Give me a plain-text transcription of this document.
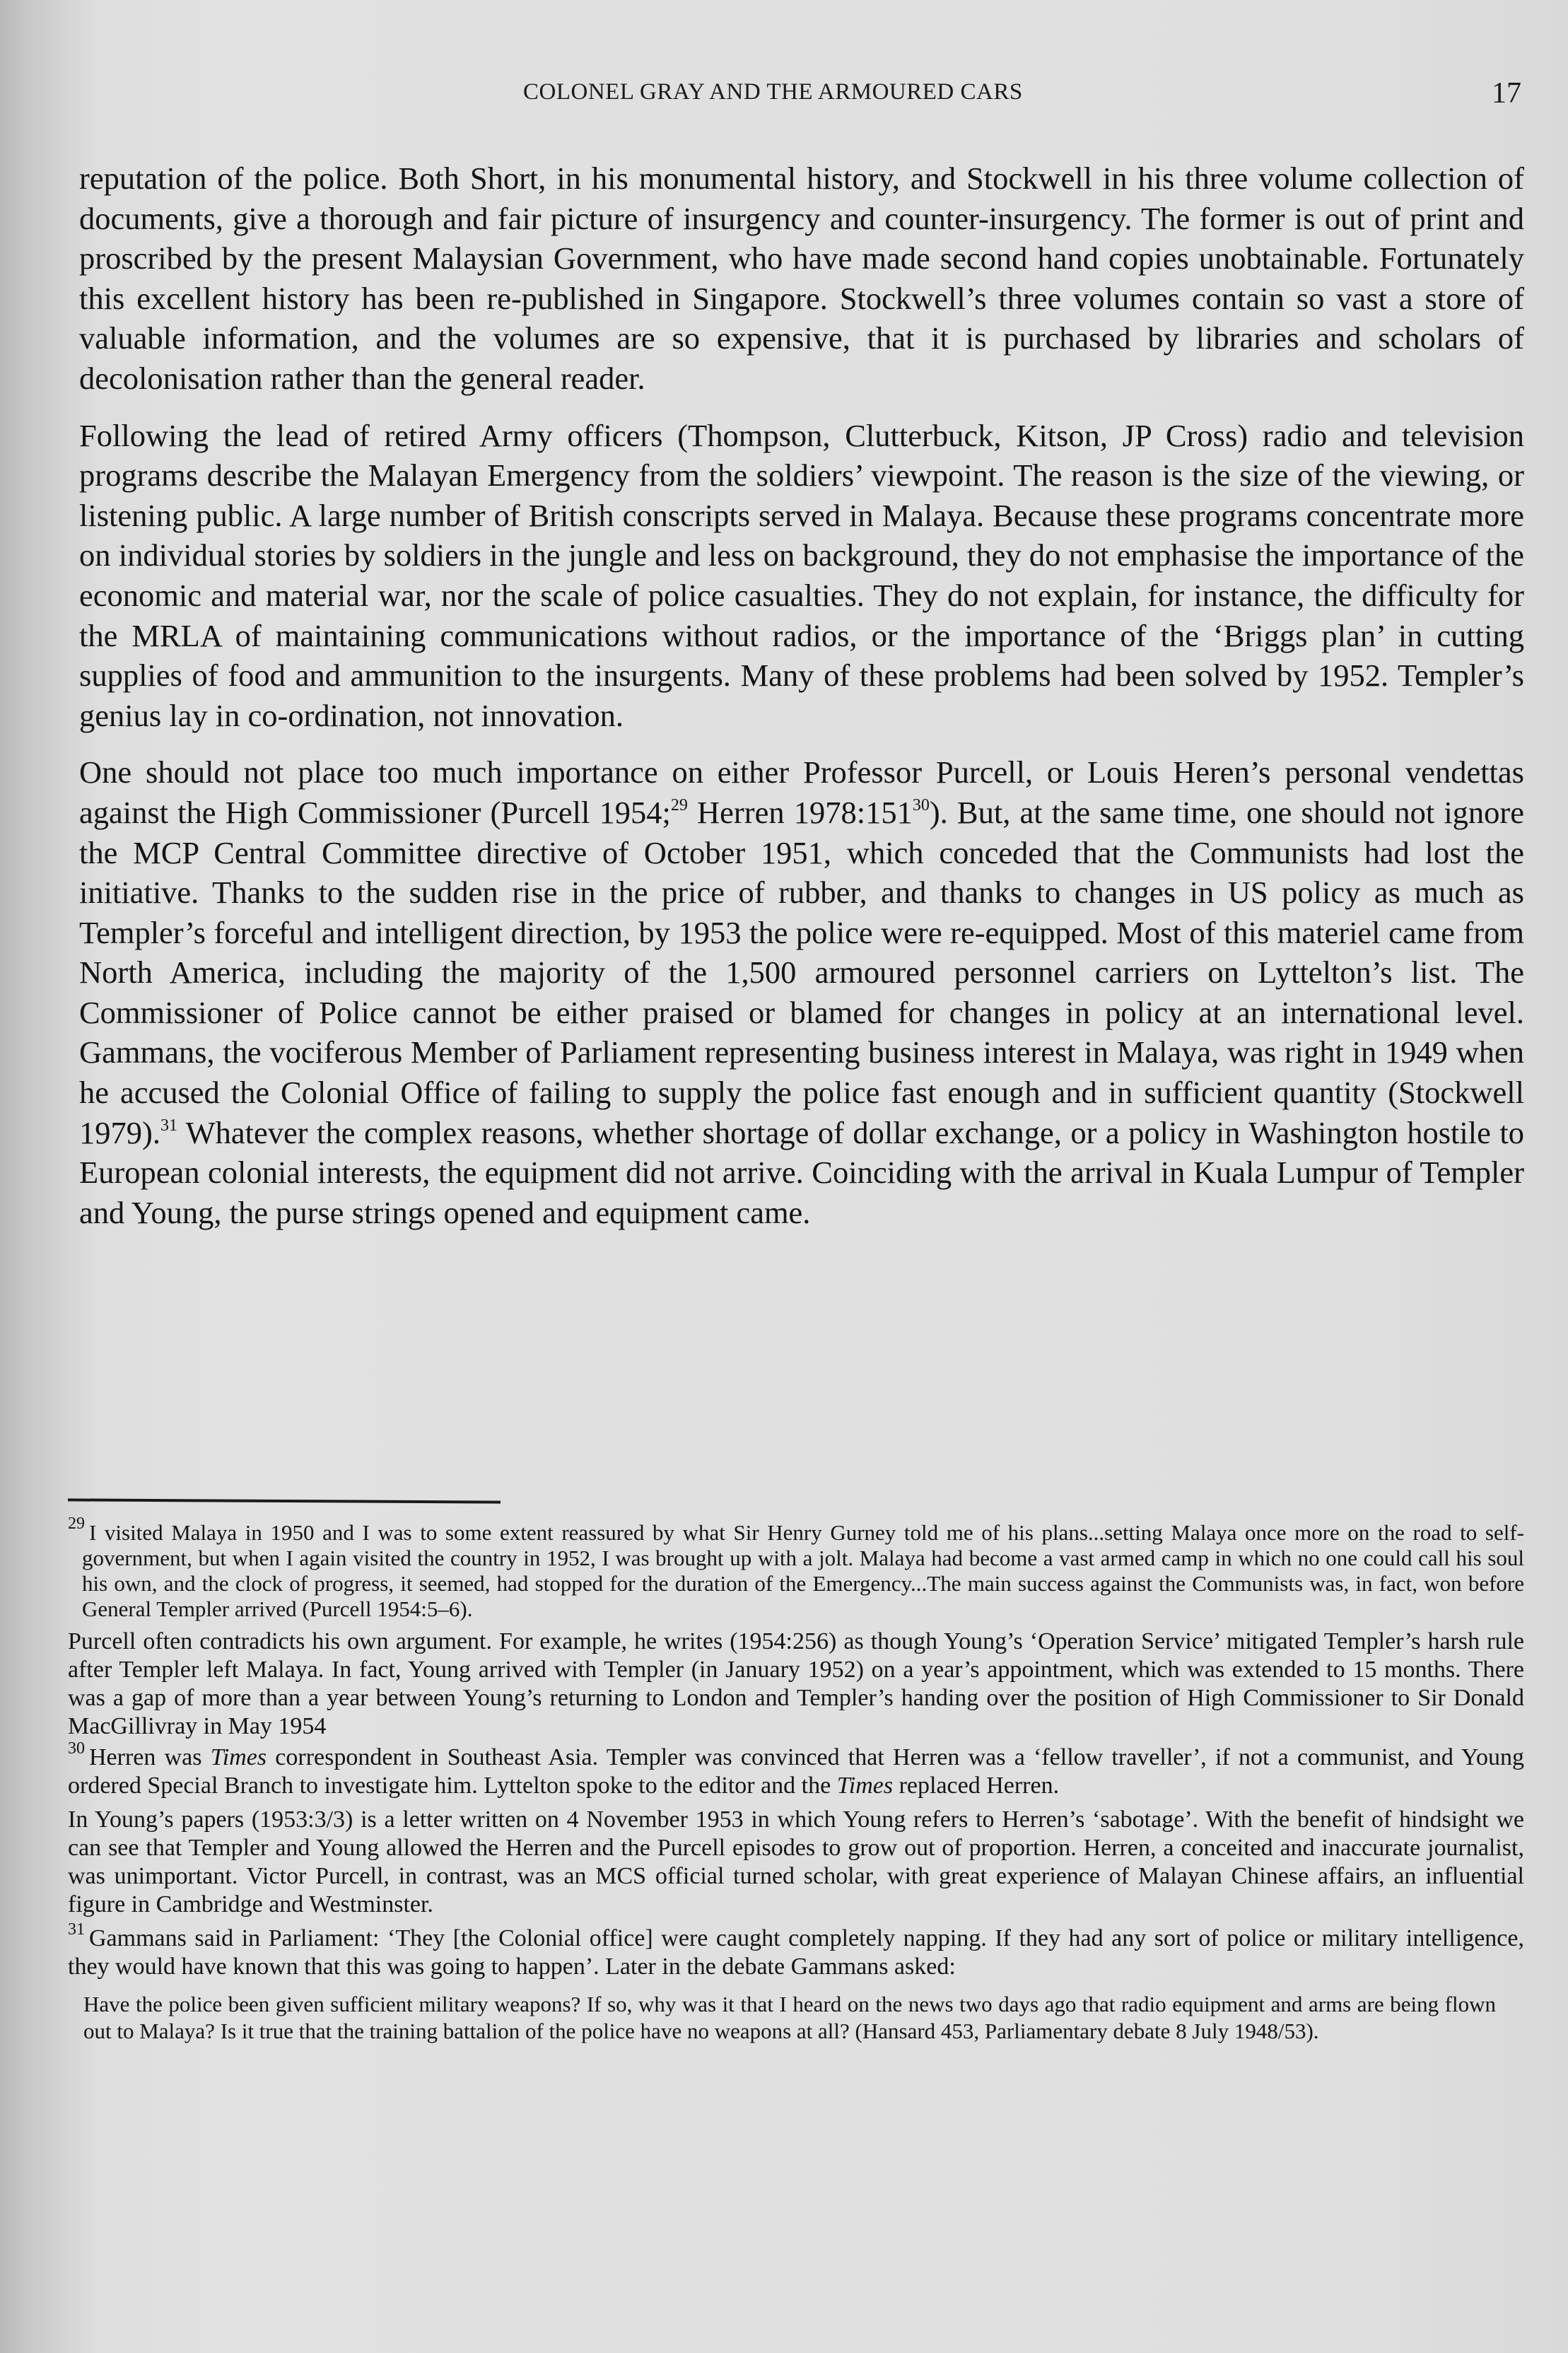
COLONEL GRAY AND THE ARMOURED CARS	17

reputation of the police. Both Short, in his monumental history, and Stockwell in his three volume collection of documents, give a thorough and fair picture of insurgency and counter-insurgency. The former is out of print and proscribed by the present Malaysian Government, who have made second hand copies unobtainable. Fortunately this excellent history has been re-published in Singapore. Stockwell’s three volumes contain so vast a store of valuable information, and the volumes are so expensive, that it is purchased by libraries and scholars of decolonisation rather than the general reader.

Following the lead of retired Army officers (Thompson, Clutterbuck, Kitson, JP Cross) radio and television programs describe the Malayan Emergency from the soldiers’ viewpoint. The reason is the size of the viewing, or listening public. A large number of British conscripts served in Malaya. Because these programs concentrate more on individual stories by soldiers in the jungle and less on background, they do not emphasise the importance of the economic and material war, nor the scale of police casualties. They do not explain, for instance, the difficulty for the MRLA of maintaining communications without radios, or the importance of the ‘Briggs plan’ in cutting supplies of food and ammunition to the insurgents. Many of these problems had been solved by 1952. Templer’s genius lay in co-ordination, not innovation.

One should not place too much importance on either Professor Purcell, or Louis Heren’s personal vendettas against the High Commissioner (Purcell 1954;$^{29}$ Herren 1978:151$^{30}$). But, at the same time, one should not ignore the MCP Central Committee directive of October 1951, which conceded that the Communists had lost the initiative. Thanks to the sudden rise in the price of rubber, and thanks to changes in US policy as much as Templer’s forceful and intelligent direction, by 1953 the police were re-equipped. Most of this materiel came from North America, including the majority of the 1,500 armoured personnel carriers on Lyttelton’s list. The Commissioner of Police cannot be either praised or blamed for changes in policy at an international level. Gammans, the vociferous Member of Parliament representing business interest in Malaya, was right in 1949 when he accused the Colonial Office of failing to supply the police fast enough and in sufficient quantity (Stockwell 1979).$^{31}$ Whatever the complex reasons, whether shortage of dollar exchange, or a policy in Washington hostile to European colonial interests, the equipment did not arrive. Coinciding with the arrival in Kuala Lumpur of Templer and Young, the purse strings opened and equipment came.

$^{29}$ I visited Malaya in 1950 and I was to some extent reassured by what Sir Henry Gurney told me of his plans...setting Malaya once more on the road to self-government, but when I again visited the country in 1952, I was brought up with a jolt. Malaya had become a vast armed camp in which no one could call his soul his own, and the clock of progress, it seemed, had stopped for the duration of the Emergency...The main success against the Communists was, in fact, won before General Templer arrived (Purcell 1954:5–6).

Purcell often contradicts his own argument. For example, he writes (1954:256) as though Young’s ‘Operation Service’ mitigated Templer’s harsh rule after Templer left Malaya. In fact, Young arrived with Templer (in January 1952) on a year’s appointment, which was extended to 15 months. There was a gap of more than a year between Young’s returning to London and Templer’s handing over the position of High Commissioner to Sir Donald MacGillivray in May 1954

$^{30}$ Herren was Times correspondent in Southeast Asia. Templer was convinced that Herren was a ‘fellow traveller’, if not a communist, and Young ordered Special Branch to investigate him. Lyttelton spoke to the editor and the Times replaced Herren.

In Young’s papers (1953:3/3) is a letter written on 4 November 1953 in which Young refers to Herren’s ‘sabotage’. With the benefit of hindsight we can see that Templer and Young allowed the Herren and the Purcell episodes to grow out of proportion. Herren, a conceited and inaccurate journalist, was unimportant. Victor Purcell, in contrast, was an MCS official turned scholar, with great experience of Malayan Chinese affairs, an influential figure in Cambridge and Westminster.

$^{31}$ Gammans said in Parliament: ‘They [the Colonial office] were caught completely napping. If they had any sort of police or military intelligence, they would have known that this was going to happen’. Later in the debate Gammans asked:

Have the police been given sufficient military weapons? If so, why was it that I heard on the news two days ago that radio equipment and arms are being flown out to Malaya? Is it true that the training battalion of the police have no weapons at all? (Hansard 453, Parliamentary debate 8 July 1948/53).
